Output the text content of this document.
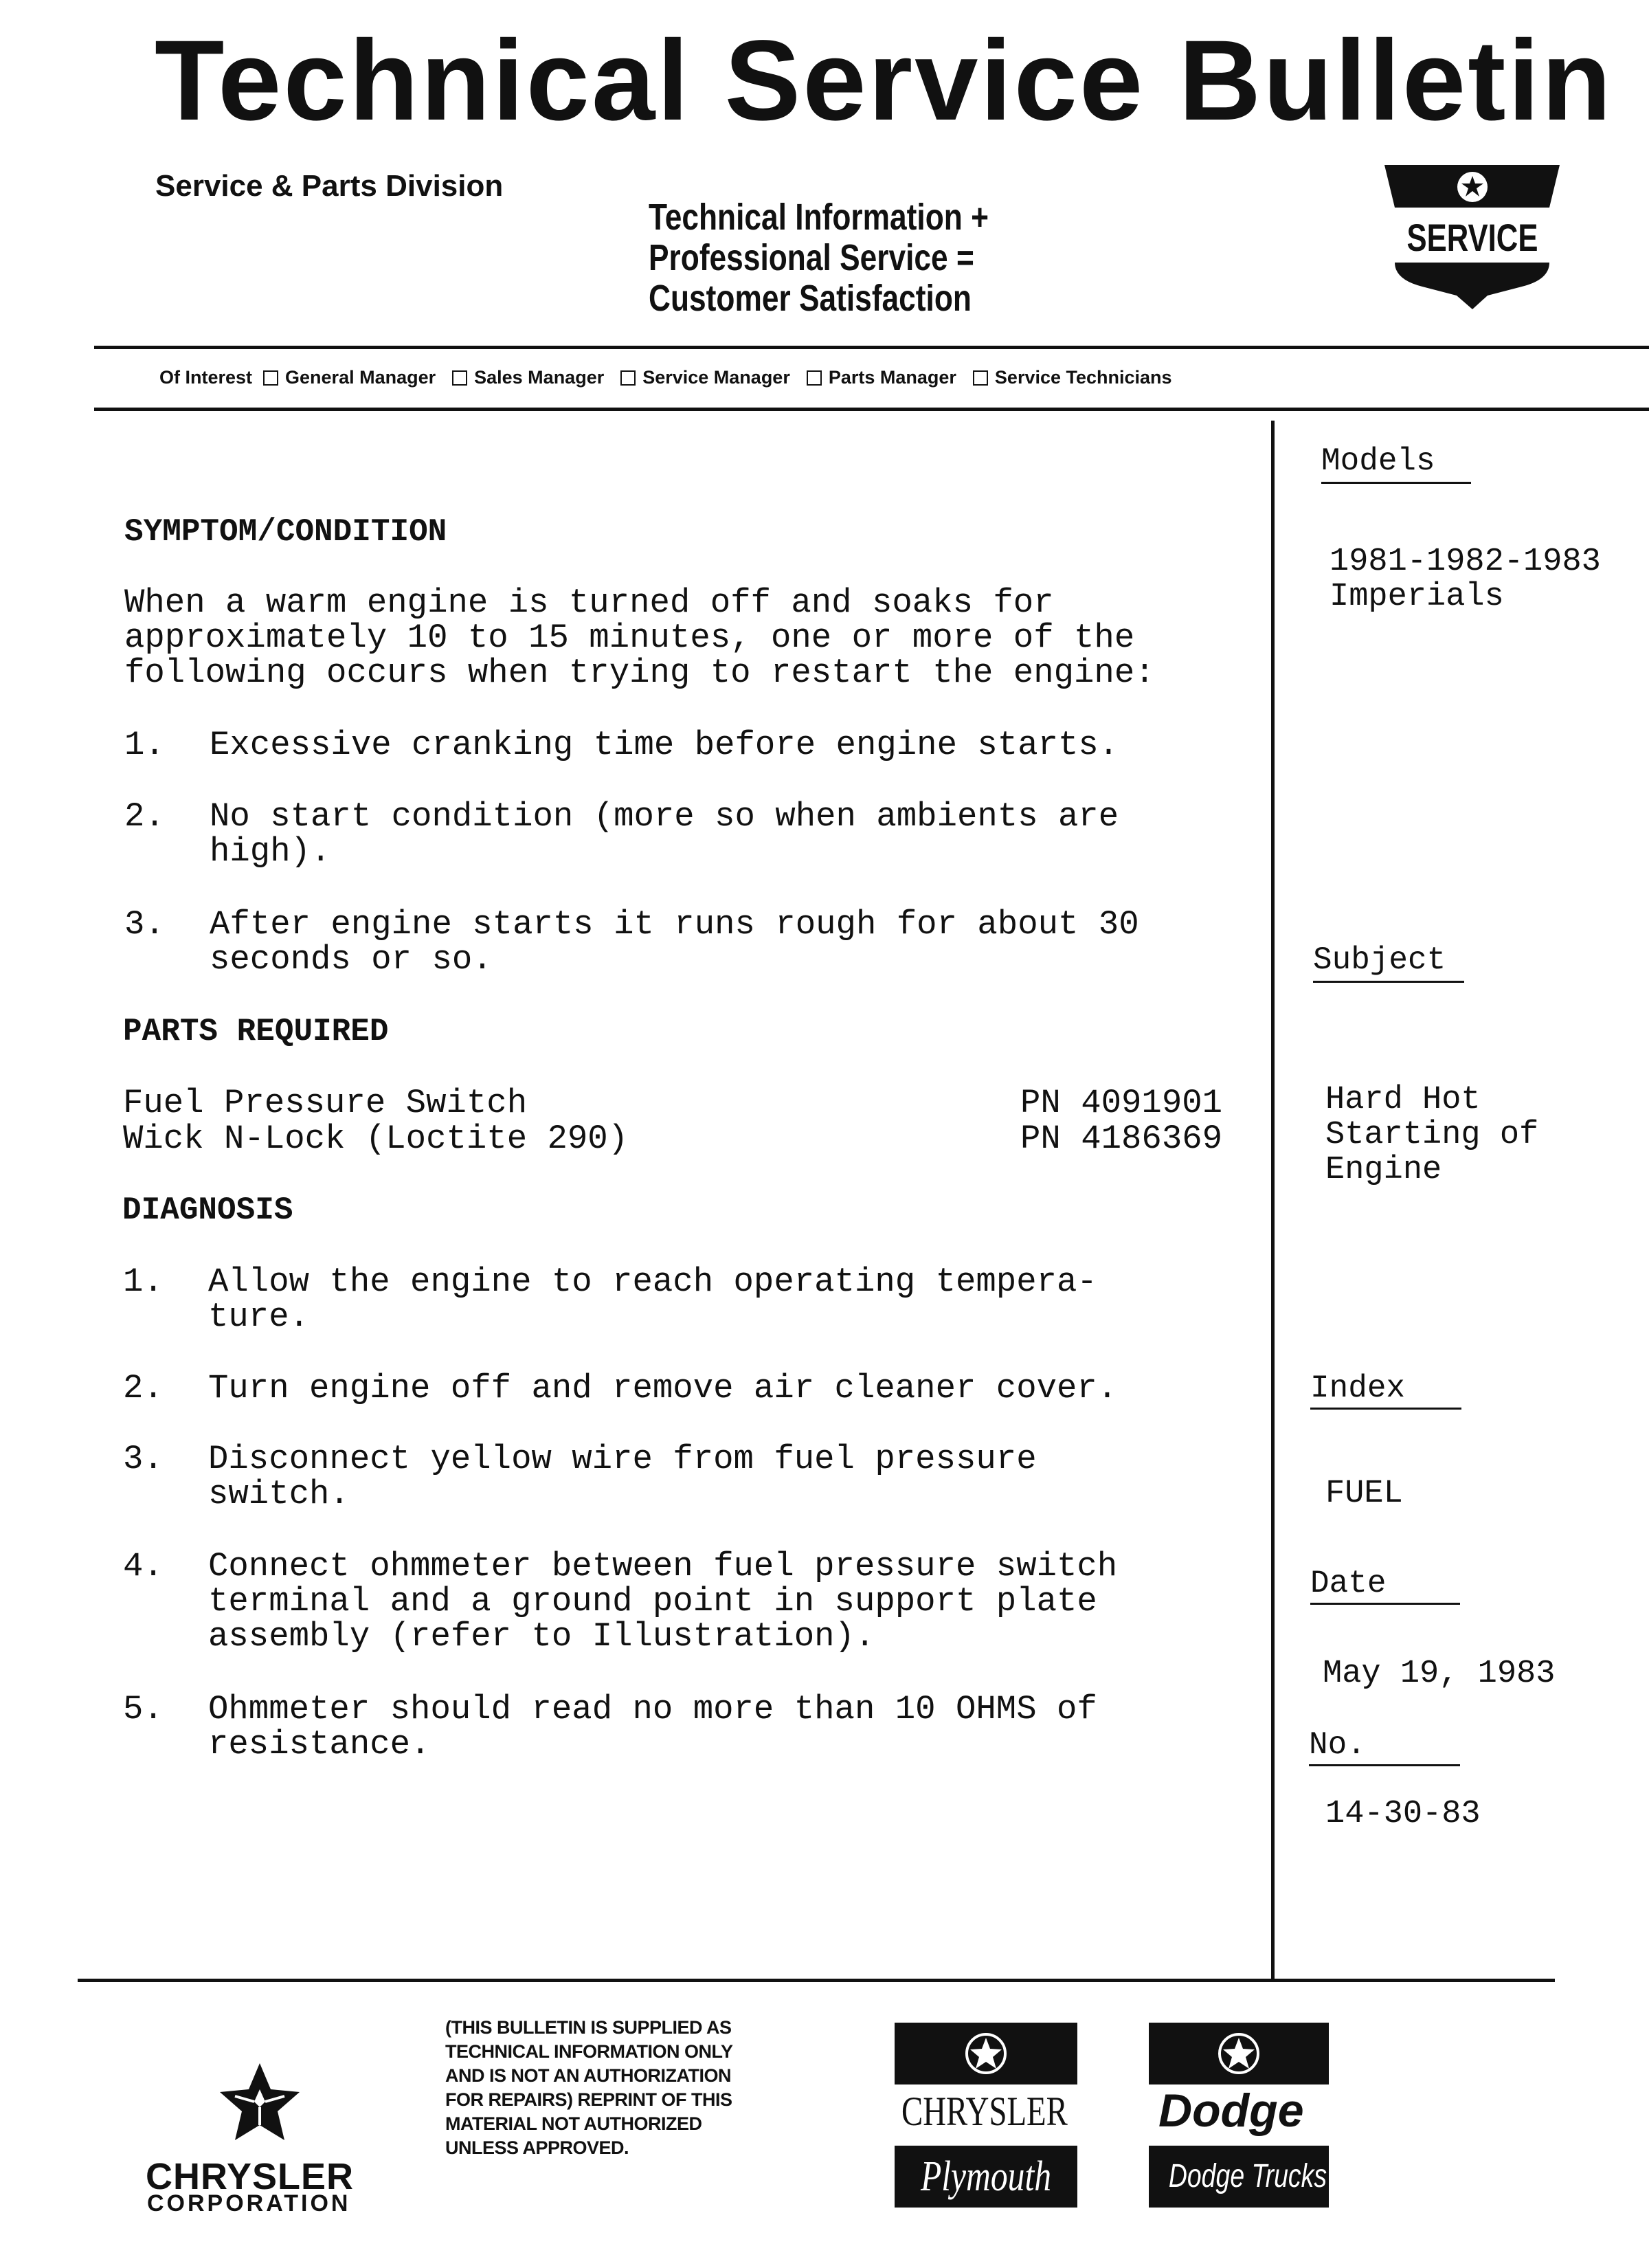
Technical Service Bulletin
Service & Parts Division
Technical Information +
Professional Service =
Customer Satisfaction
SERVICE
Of Interest General Manager Sales Manager Service Manager Parts Manager Service Technicians
SYMPTOM/CONDITION
When a warm engine is turned off and soaks for
approximately 10 to 15 minutes, one or more of the
following occurs when trying to restart the engine:
1. Excessive cranking time before engine starts.
2. No start condition (more so when ambients are
high).
3. After engine starts it runs rough for about 30
seconds or so.
PARTS REQUIRED
Fuel Pressure Switch	PN 4091901
Wick N-Lock (Loctite 290)	PN 4186369
DIAGNOSIS
1. Allow the engine to reach operating tempera-
ture.
2. Turn engine off and remove air cleaner cover.
3. Disconnect yellow wire from fuel pressure
switch.
4. Connect ohmmeter between fuel pressure switch
terminal and a ground point in support plate
assembly (refer to Illustration).
5. Ohmmeter should read no more than 10 OHMS of
resistance.
Models
1981-1982-1983
Imperials
Subject
Hard Hot
Starting of
Engine
Index
FUEL
Date
May 19, 1983
No.
14-30-83
CHRYSLER
CORPORATION
(THIS BULLETIN IS SUPPLIED AS
TECHNICAL INFORMATION ONLY
AND IS NOT AN AUTHORIZATION
FOR REPAIRS) REPRINT OF THIS
MATERIAL NOT AUTHORIZED
UNLESS APPROVED.
CHRYSLER
Plymouth
Dodge
Dodge Trucks
